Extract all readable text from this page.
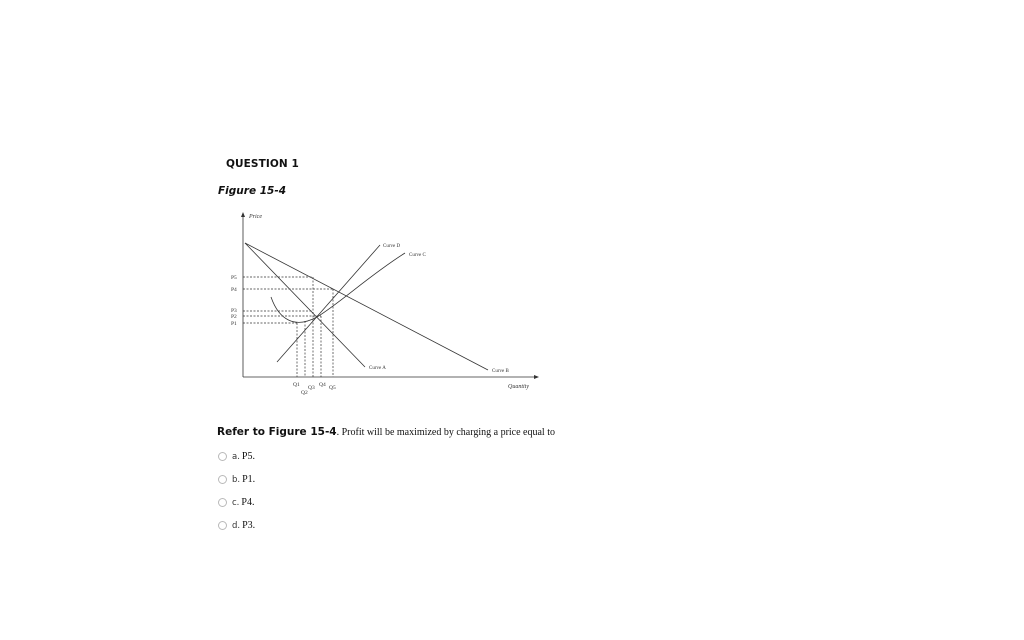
QUESTION 1
Figure 15-4
Price
Quantity
Curve D
Curve C
Curve A
Curve B
P5
P4
P3
P2
P1
Q1
Q2
Q3 Q4 Q5
Refer to Figure 15-4. Profit will be maximized by charging a price equal to
a. P5.
b. P1.
c. P4.
d. P3.
